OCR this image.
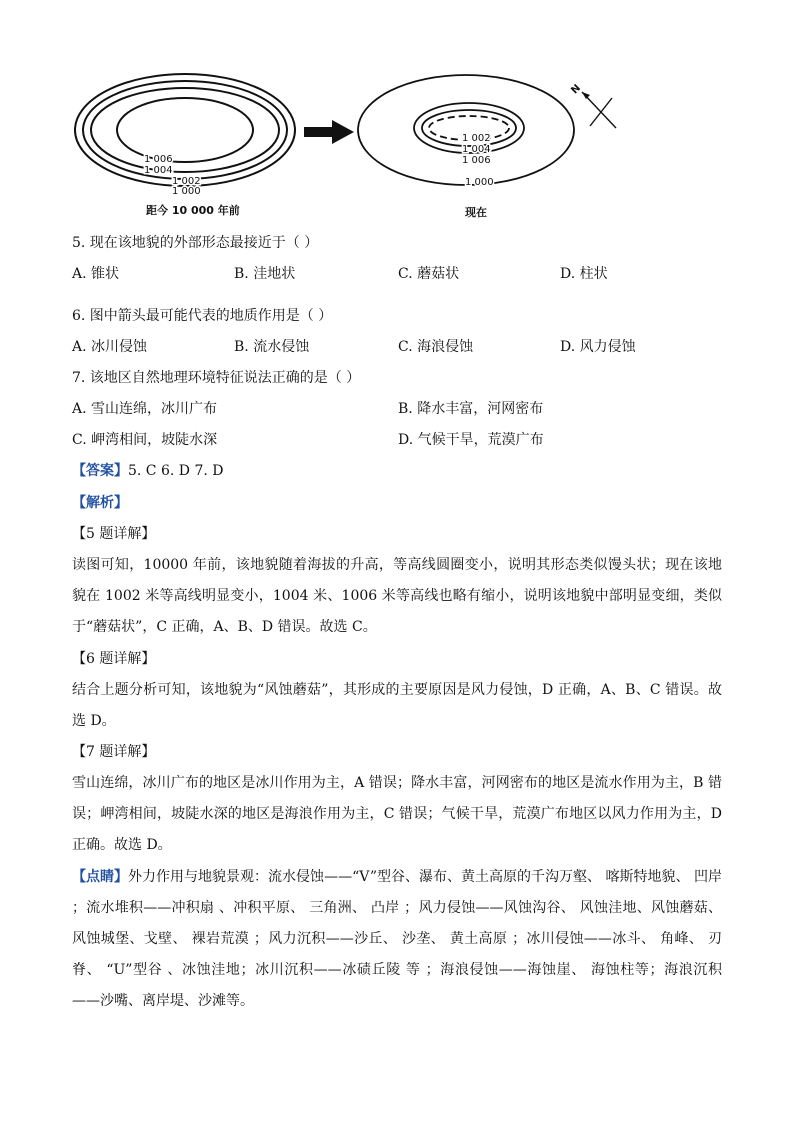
1 006
1 004
1 002
1 000
距今 10 000 年前
1 002
1 004
1 006
1 000
现在
N
5. 现在该地貌的外部形态最接近于（ ）
A. 锥状	B. 洼地状	C. 蘑菇状	D. 柱状
6. 图中箭头最可能代表的地质作用是（ ）
A. 冰川侵蚀	B. 流水侵蚀	C. 海浪侵蚀	D. 风力侵蚀
7. 该地区自然地理环境特征说法正确的是（ ）
A. 雪山连绵，冰川广布	B. 降水丰富，河网密布
C. 岬湾相间，坡陡水深	D. 气候干旱，荒漠广布
【答案】5. C 6. D 7. D
【解析】
【5 题详解】
读图可知，10000 年前，该地貌随着海拔的升高，等高线圆圈变小，说明其形态类似馒头状；现在该地貌在 1002 米等高线明显变小，1004 米、1006 米等高线也略有缩小，说明该地貌中部明显变细，类似于“蘑菇状”，C 正确，A、B、D 错误。故选 C。
【6 题详解】
结合上题分析可知，该地貌为“风蚀蘑菇”，其形成的主要原因是风力侵蚀，D 正确，A、B、C 错误。故选 D。
【7 题详解】
雪山连绵，冰川广布的地区是冰川作用为主，A 错误；降水丰富，河网密布的地区是流水作用为主，B 错误；岬湾相间，坡陡水深的地区是海浪作用为主，C 错误；气候干旱，荒漠广布地区以风力作用为主，D 正确。故选 D。
【点睛】外力作用与地貌景观：流水侵蚀——“V”型谷、瀑布、黄土高原的千沟万壑、 喀斯特地貌、 凹岸 ；流水堆积——冲积扇 、冲积平原、 三角洲、 凸岸 ；风力侵蚀——风蚀沟谷、 风蚀洼地、风蚀蘑菇、风蚀城堡、戈壁、 裸岩荒漠 ；风力沉积——沙丘、 沙垄、 黄土高原 ；冰川侵蚀——冰斗、 角峰、 刃脊、 “U”型谷 、冰蚀洼地；冰川沉积——冰碛丘陵 等 ；海浪侵蚀——海蚀崖、 海蚀柱等；海浪沉积——沙嘴、离岸堤、沙滩等。
